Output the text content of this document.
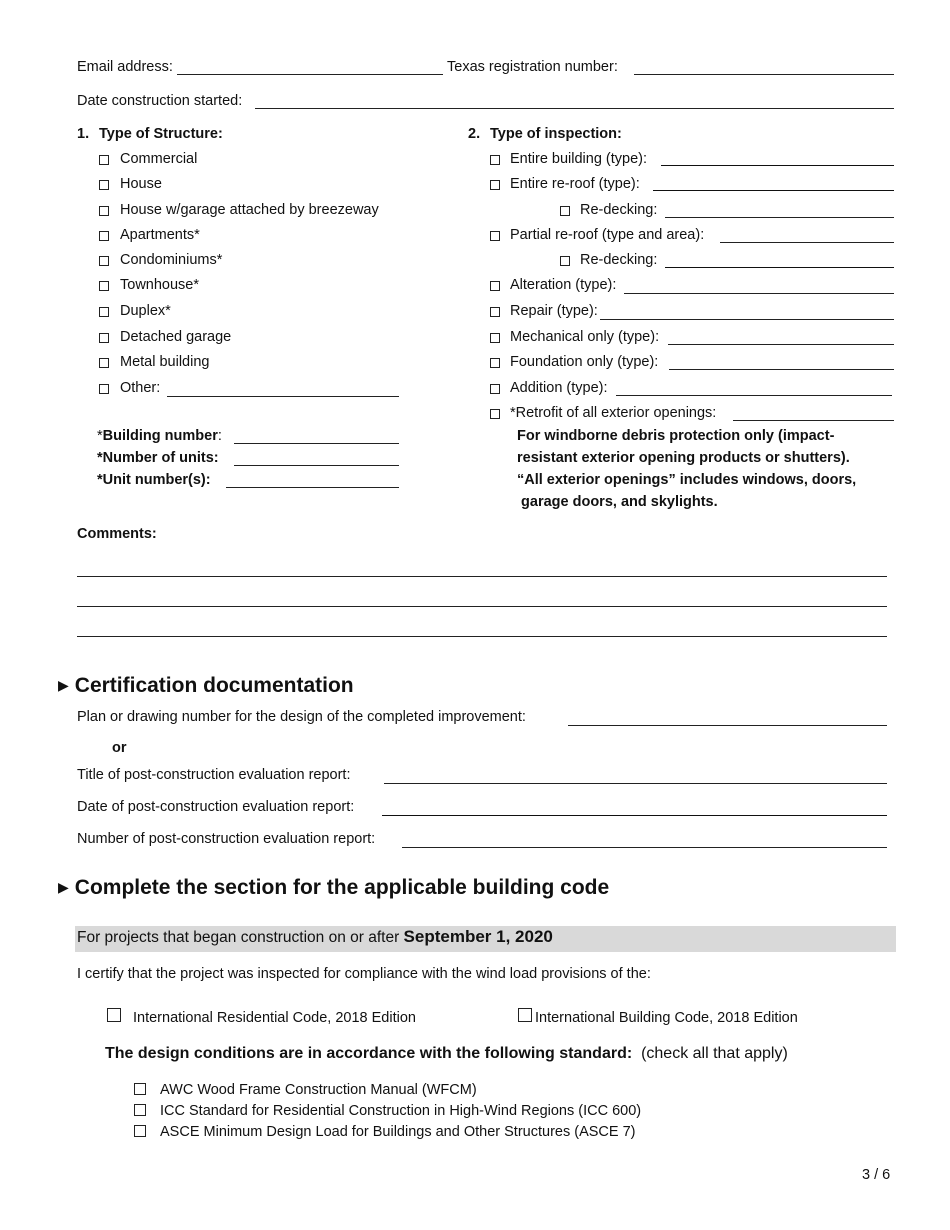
Email address:	Texas registration number:
Date construction started:
1. Type of Structure:
Commercial
House
House w/garage attached by breezeway
Apartments*
Condominiums*
Townhouse*
Duplex*
Detached garage
Metal building
Other:
*Building number:
*Number of units:
*Unit number(s):
2. Type of inspection:
Entire building (type):
Entire re-roof (type):
Re-decking:
Partial re-roof (type and area):
Re-decking:
Alteration (type):
Repair (type):
Mechanical only (type):
Foundation only (type):
Addition (type):
*Retrofit of all exterior openings:
For windborne debris protection only (impact-
resistant exterior opening products or shutters).
“All exterior openings” includes windows, doors,
garage doors, and skylights.
Comments:
▶ Certification documentation
Plan or drawing number for the design of the completed improvement:
or
Title of post-construction evaluation report:
Date of post-construction evaluation report:
Number of post-construction evaluation report:
▶ Complete the section for the applicable building code
For projects that began construction on or after September 1, 2020
I certify that the project was inspected for compliance with the wind load provisions of the:
International Residential Code, 2018 Edition	International Building Code, 2018 Edition
The design conditions are in accordance with the following standard: (check all that apply)
AWC Wood Frame Construction Manual (WFCM)
ICC Standard for Residential Construction in High-Wind Regions (ICC 600)
ASCE Minimum Design Load for Buildings and Other Structures (ASCE 7)
3 / 6
